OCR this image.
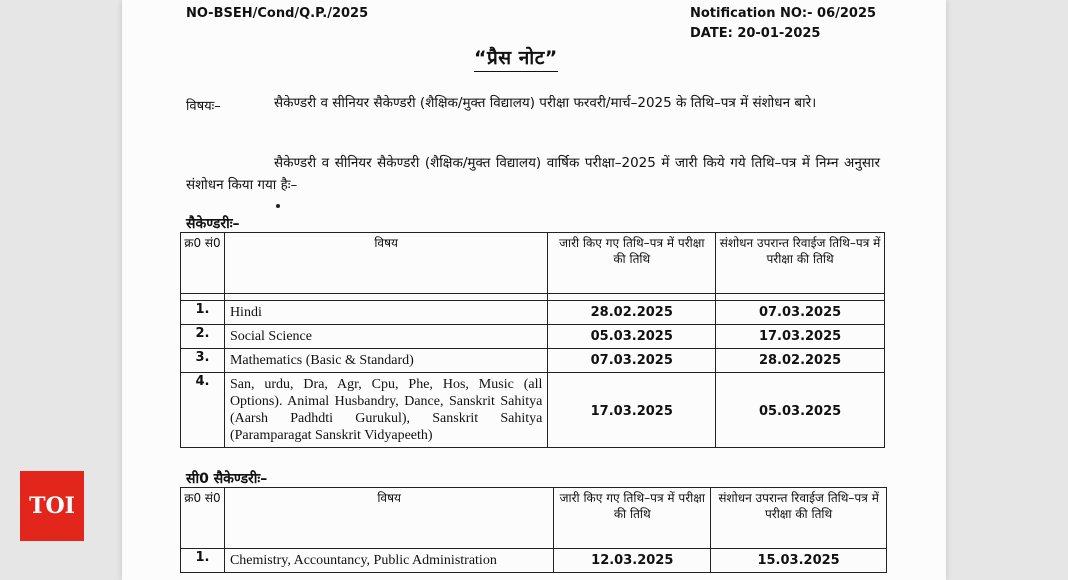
NO-BSEH/Cond/Q.P./2025	Notification NO:- 06/2025
DATE: 20-01-2025
“प्रैस नोट”
विषयः–	सैकेण्डरी व सीनियर सैकेण्डरी (शैक्षिक/मुक्त विद्यालय) परीक्षा फरवरी/मार्च–2025 के तिथि–पत्र में संशोधन बारे।
सैकेण्डरी व सीनियर सैकेण्डरी (शैक्षिक/मुक्त विद्यालय) वार्षिक परीक्षा–2025 में जारी किये गये तिथि–पत्र में निम्न अनुसार संशोधन किया गया हैः–
सैकेण्डरीः–
क्र0 सं0	विषय	जारी किए गए तिथि–पत्र में परीक्षा की तिथि	संशोधन उपरान्त रिवाईज तिथि–पत्र में परीक्षा की तिथि

1.	Hindi	28.02.2025	07.03.2025
2.	Social Science	05.03.2025	17.03.2025
3.	Mathematics (Basic & Standard)	07.03.2025	28.02.2025
4.	San, urdu, Dra, Agr, Cpu, Phe, Hos, Music (all Options). Animal Husbandry, Dance, Sanskrit Sahitya (Aarsh Padhdti Gurukul), Sanskrit Sahitya (Paramparagat Sanskrit Vidyapeeth)	17.03.2025	05.03.2025
सी0 सैकेण्डरीः–
क्र0 सं0	विषय	जारी किए गए तिथि–पत्र में परीक्षा की तिथि	संशोधन उपरान्त रिवाईज तिथि–पत्र में परीक्षा की तिथि
1.	Chemistry, Accountancy, Public Administration	12.03.2025	15.03.2025
TOI
